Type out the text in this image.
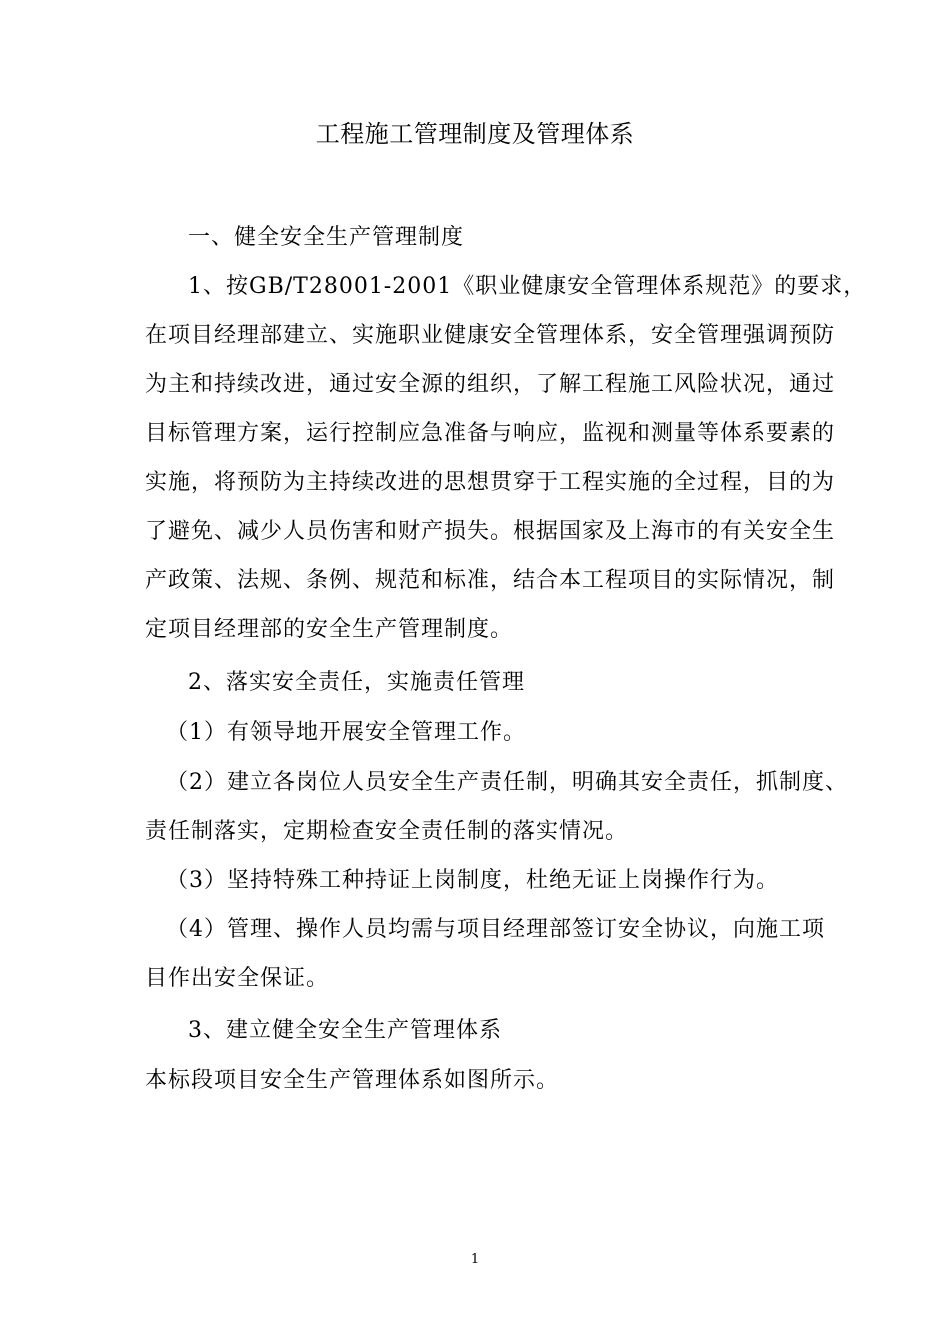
工程施工管理制度及管理体系
一、健全安全生产管理制度
1、按GB/T28001-2001《职业健康安全管理体系规范》的要求，
在项目经理部建立、实施职业健康安全管理体系，安全管理强调预防
为主和持续改进，通过安全源的组织，了解工程施工风险状况，通过
目标管理方案，运行控制应急准备与响应，监视和测量等体系要素的
实施，将预防为主持续改进的思想贯穿于工程实施的全过程，目的为
了避免、减少人员伤害和财产损失。根据国家及上海市的有关安全生
产政策、法规、条例、规范和标准，结合本工程项目的实际情况，制
定项目经理部的安全生产管理制度。
2、落实安全责任，实施责任管理
（1）有领导地开展安全管理工作。
（2）建立各岗位人员安全生产责任制，明确其安全责任，抓制度、
责任制落实，定期检查安全责任制的落实情况。
（3）坚持特殊工种持证上岗制度，杜绝无证上岗操作行为。
（4）管理、操作人员均需与项目经理部签订安全协议，向施工项
目作出安全保证。
3、建立健全安全生产管理体系
本标段项目安全生产管理体系如图所示。
1
